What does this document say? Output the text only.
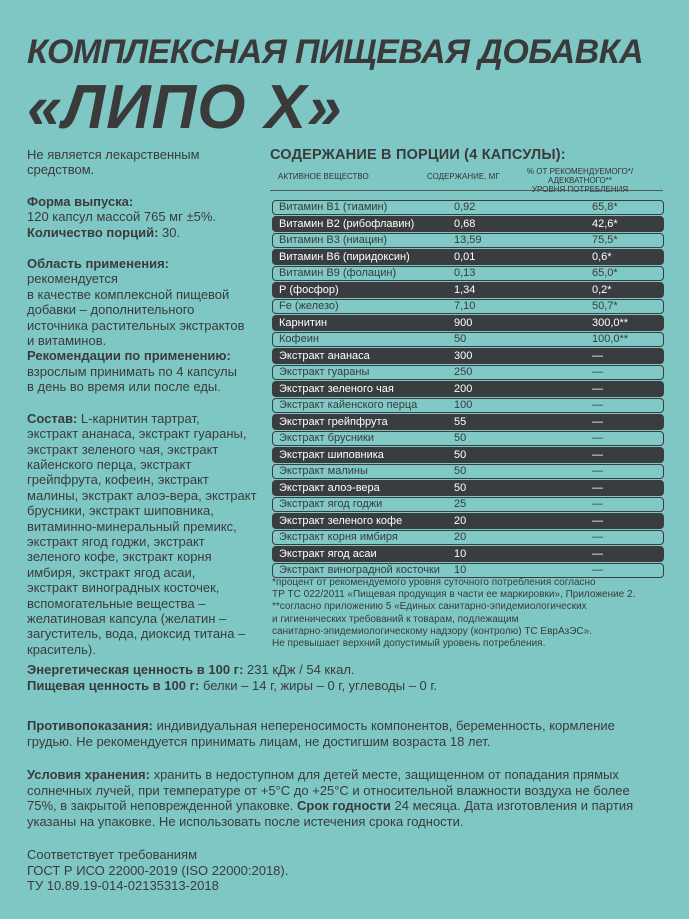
КОМПЛЕКСНАЯ ПИЩЕВАЯ ДОБАВКА
«ЛИПО X»

Не является лекарственным

средством.

Форма выпуска:

120 капсул массой 765 мг ±5%.

Количество порций: 30.

Область применения: рекомендуется

в качестве комплексной пищевой

добавки – дополнительного

источника растительных экстрактов

и витаминов.

Рекомендации по применению:

взрослым принимать по 4 капсулы

в день во время или после еды.

Состав: L-карнитин тартрат,

экстракт ананаса, экстракт гуараны,

экстракт зеленого чая, экстракт

кайенского перца, экстракт

грейпфрута, кофеин, экстракт

малины, экстракт алоэ-вера, экстракт

брусники, экстракт шиповника,

витаминно-минеральный премикс,

экстракт ягод годжи, экстракт

зеленого кофе, экстракт корня

имбиря, экстракт ягод асаи,

экстракт виноградных косточек,

вспомогательные вещества –

желатиновая капсула (желатин –

загуститель, вода, диоксид титана –

краситель).

СОДЕРЖАНИЕ В ПОРЦИИ (4 КАПСУЛЫ):
АКТИВНОЕ ВЕЩЕСТВО	СОДЕРЖАНИЕ, МГ
% ОТ РЕКОМЕНДУЕМОГО*/АДЕКВАТНОГО**
Витамин В1 (тиамин)	0,92	65,8*
Витамин В2 (рибофлавин)	0,68	42,6*
Витамин В3 (ниацин)	13,59	75,5*
Витамин В6 (пиридоксин)	0,01	0,6*
Витамин В9 (фолацин)	0,13	65,0*
Р (фосфор)	1,34	0,2*
Fe (железо)	7,10	50,7*
Карнитин	900	300,0**
Кофеин	50	100,0**
Экстракт ананаса	300	—
Экстракт гуараны	250	—
Экстракт зеленого чая	200	—
Экстракт кайенского перца	100	—
Экстракт грейпфрута	55	—
Экстракт брусники	50	—
Экстракт шиповника	50	—
Экстракт малины	50	—
Экстракт алоэ-вера	50	—
Экстракт ягод годжи	25	—
Экстракт зеленого кофе	20	—
Экстракт корня имбиря	20	—
Экстракт ягод асаи	10	—
Экстракт виноградной косточки 10	—

*процент от рекомендуемого уровня суточного потребления согласно

ТР ТС 022/2011 «Пищевая продукция в части ее маркировки», Приложение 2.

**согласно приложению 5 «Единых санитарно-эпидемиологических

и гигиенических требований к товарам, подлежащим

санитарно-эпидемиологическому надзору (контролю) ТС ЕврАзЭС».

Не превышает верхний допустимый уровень потребления.

Энергетическая ценность в 100 г: 231 кДж / 54 ккал.

Пищевая ценность в 100 г: белки – 14 г, жиры – 0 г, углеводы – 0 г.

Противопоказания: индивидуальная непереносимость компонентов, беременность, кормление

грудью. Не рекомендуется принимать лицам, не достигшим возраста 18 лет.

Условия хранения: хранить в недоступном для детей месте, защищенном от попадания прямых

солнечных лучей, при температуре от +5°С до +25°С и относительной влажности воздуха не более

75%, в закрытой неповрежденной упаковке. Срок годности 24 месяца. Дата изготовления и партия

указаны на упаковке. Не использовать после истечения срока годности.

Соответствует требованиям

ГОСТ Р ИСО 22000-2019 (ISO 22000:2018).

ТУ 10.89.19-014-02135313-2018
